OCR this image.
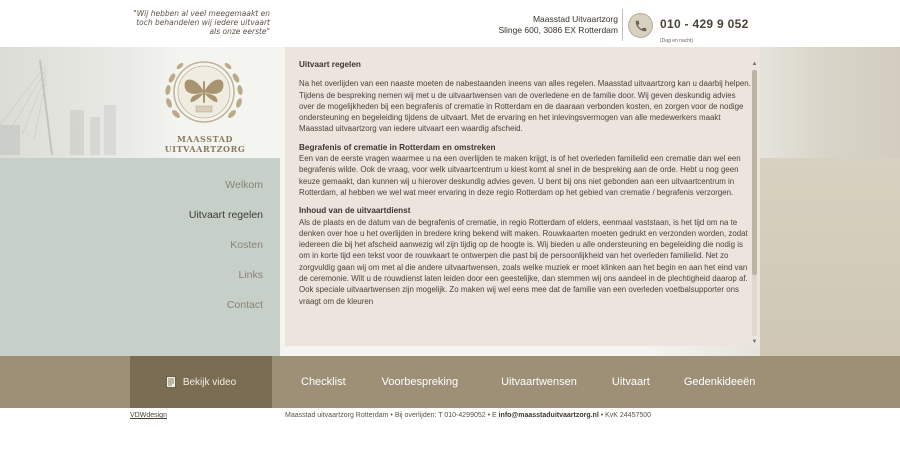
"Wij hebben al veel meegemaakt en toch behandelen wij iedere uitvaart als onze eerste"
Maasstad Uitvaartzorg
Slinge 600, 3086 EX Rotterdam	010 - 429 9 052
(Dag en nacht)
MAASSTAD UITVAARTZORG
Welkom
Uitvaart regelen
Kosten
Links
Contact
Uitvaart regelen

Na het overlijden van een naaste moeten de nabestaanden ineens van alles regelen. Maasstad uitvaartzorg kan u daarbij helpen. Tijdens de bespreking nemen wij met u de uitvaartwensen van de overledene en de familie door. Wij geven deskundig advies over de mogelijkheden bij een begrafenis of crematie in Rotterdam en de daaraan verbonden kosten, en zorgen voor de nodige ondersteuning en begeleiding tijdens de uitvaart. Met de ervaring en het inlevingsvermogen van alle medewerkers maakt Maasstad uitvaartzorg van iedere uitvaart een waardig afscheid.

Begrafenis of crematie in Rotterdam en omstreken

Een van de eerste vragen waarmee u na een overlijden te maken krijgt, is of het overleden familielid een crematie dan wel een begrafenis wilde. Ook de vraag, voor welk uitvaartcentrum u kiest komt al snel in de bespreking aan de orde. Hebt u nog geen keuze gemaakt, dan kunnen wij u hierover deskundig advies geven. U bent bij ons niet gebonden aan een uitvaartcentrum in Rotterdam, al hebben we wel wat meer ervaring in deze regio Rotterdam op het gebied van crematie / begrafenis verzorgen.

Inhoud van de uitvaartdienst

Als de plaats en de datum van de begrafenis of crematie, in regio Rotterdam of elders, eenmaal vaststaan, is het tijd om na te denken over hoe u het overlijden in bredere kring bekend wilt maken. Rouwkaarten moeten gedrukt en verzonden worden, zodat iedereen die bij het afscheid aanwezig wil zijn tijdig op de hoogte is. Wij bieden u alle ondersteuning en begeleiding die nodig is om in korte tijd een tekst voor de rouwkaart te ontwerpen die past bij de persoonlijkheid van het overleden familielid. Net zo zorgvuldig gaan wij om met al die andere uitvaartwensen, zoals welke muziek er moet klinken aan het begin en aan het eind van de ceremonie. Wilt u de rouwdienst laten leiden door een geestelijke, dan stemmen wij ons aandeel in de plechtigheid daarop af. Ook speciale uitvaartwensen zijn mogelijk. Zo maken wij wel eens mee dat de familie van een overleden voetbalsupporter ons vraagt om de kleuren

▲
▼
Bekijk video	Checklist	Voorbespreking	Uitvaartwensen	Uitvaart	Gedenkideeën
VDWdesign	Maasstad uitvaartzorg Rotterdam • Bij overlijden: T 010-4299052 • E info@maasstaduitvaartzorg.nl • KvK 24457500
